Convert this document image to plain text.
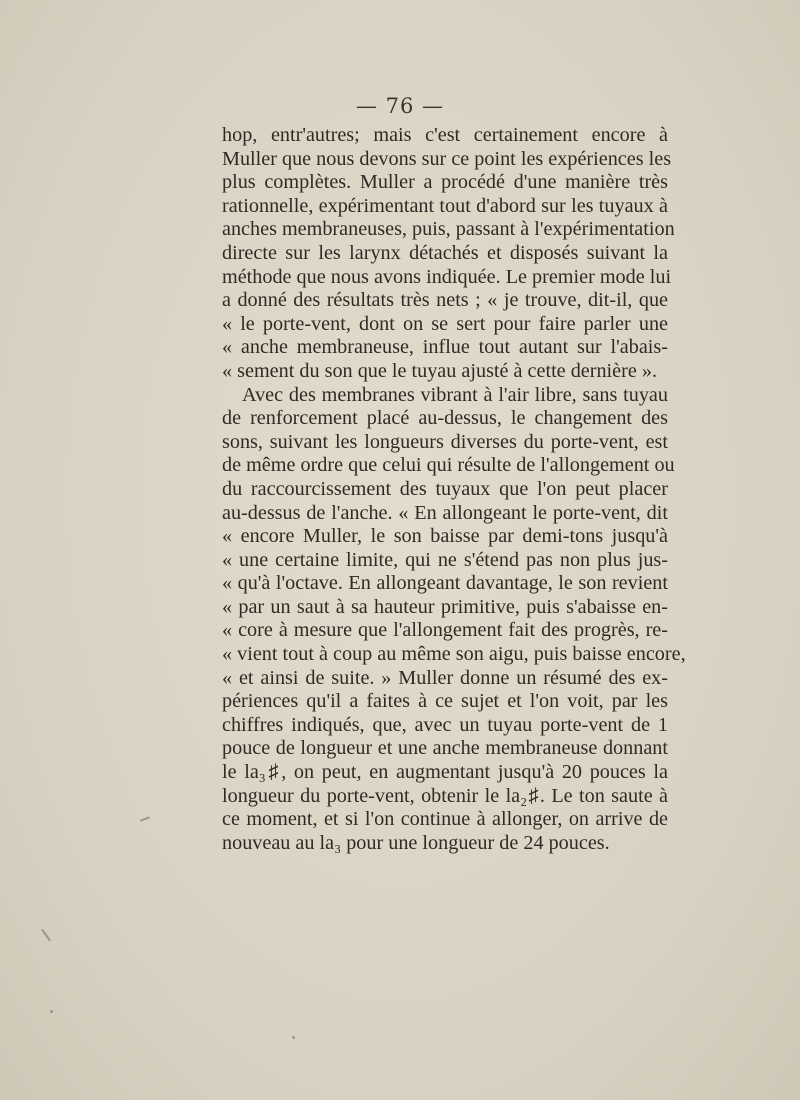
— 76 —
hop, entr'autres; mais c'est certainement encore à
Muller que nous devons sur ce point les expériences les
plus complètes. Muller a procédé d'une manière très
rationnelle, expérimentant tout d'abord sur les tuyaux à
anches membraneuses, puis, passant à l'expérimentation
directe sur les larynx détachés et disposés suivant la
méthode que nous avons indiquée. Le premier mode lui
a donné des résultats très nets ; « je trouve, dit-il, que
« le porte-vent, dont on se sert pour faire parler une
« anche membraneuse, influe tout autant sur l'abais-
« sement du son que le tuyau ajusté à cette dernière ».
Avec des membranes vibrant à l'air libre, sans tuyau
de renforcement placé au-dessus, le changement des
sons, suivant les longueurs diverses du porte-vent, est
de même ordre que celui qui résulte de l'allongement ou
du raccourcissement des tuyaux que l'on peut placer
au-dessus de l'anche. « En allongeant le porte-vent, dit
« encore Muller, le son baisse par demi-tons jusqu'à
« une certaine limite, qui ne s'étend pas non plus jus-
« qu'à l'octave. En allongeant davantage, le son revient
« par un saut à sa hauteur primitive, puis s'abaisse en-
« core à mesure que l'allongement fait des progrès, re-
« vient tout à coup au même son aigu, puis baisse encore,
« et ainsi de suite. » Muller donne un résumé des ex-
périences qu'il a faites à ce sujet et l'on voit, par les
chiffres indiqués, que, avec un tuyau porte-vent de 1
pouce de longueur et une anche membraneuse donnant
le la₃♯, on peut, en augmentant jusqu'à 20 pouces la
longueur du porte-vent, obtenir le la₂♯. Le ton saute à
ce moment, et si l'on continue à allonger, on arrive de
nouveau au la₃ pour une longueur de 24 pouces.
